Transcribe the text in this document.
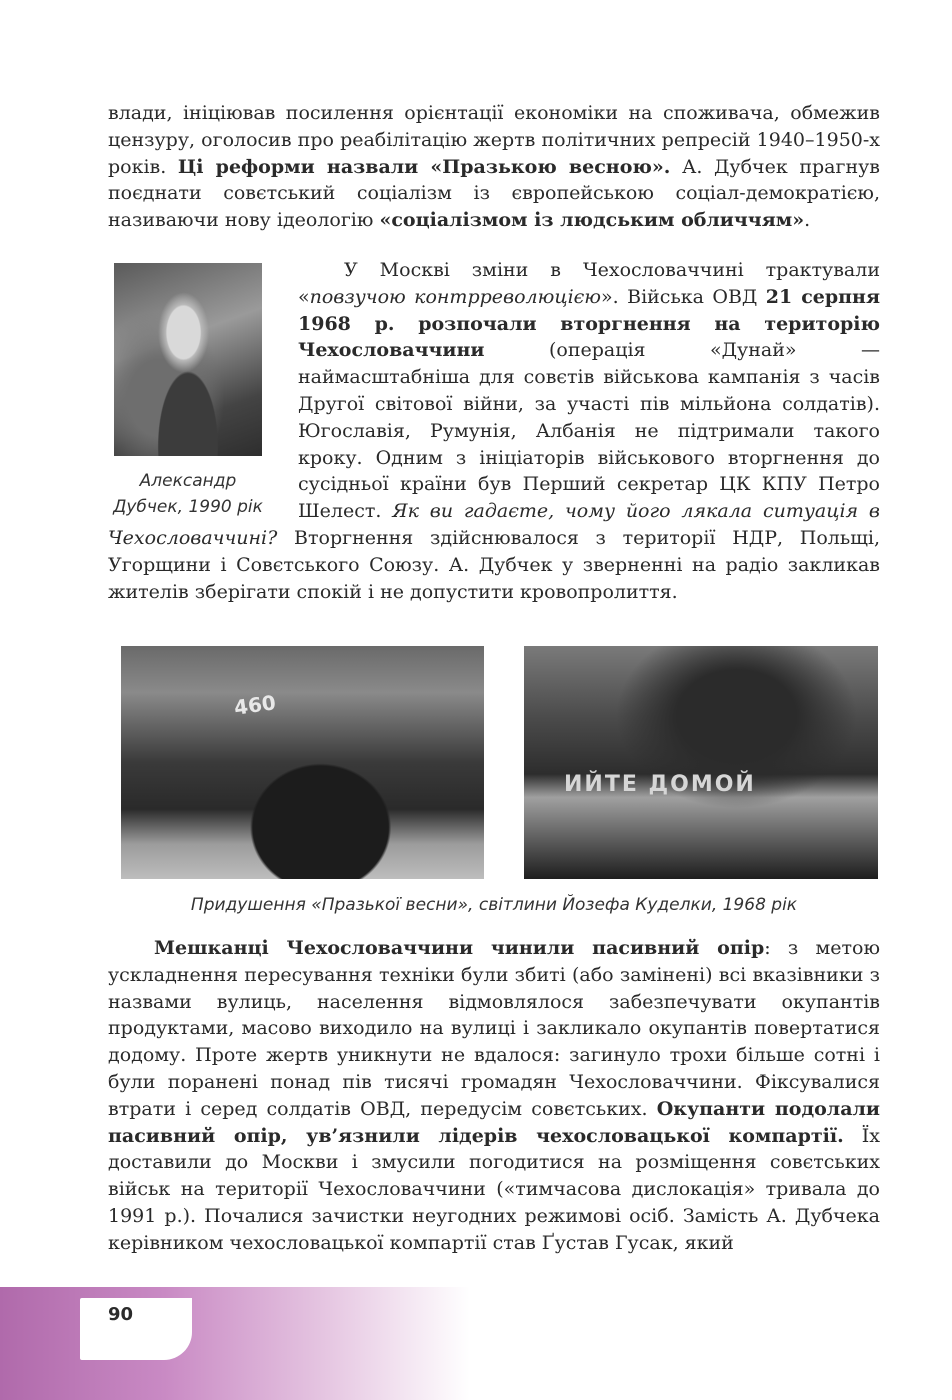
влади, ініціював посилення орієнтації економіки на споживача, обмежив цензуру, оголосив про реабілітацію жертв політичних репресій 1940–1950-х років. Ці реформи назвали «Празькою весною». А. Дубчек прагнув поєднати совєтський соціалізм із європейською соціал-демократією, називаючи нову ідеологію «соціалізмом із людським обличчям».

Александр
Дубчек, 1990 рік

У Москві зміни в Чехословаччині трактували «повзучою контрреволюцією». Війська ОВД 21 серпня 1968 р. розпочали вторгнення на територію Чехословаччини (операція «Дунай» — наймасштабніша для совєтів військова кампанія з часів Другої світової війни, за участі пів мільйона солдатів). Югославія, Румунія, Албанія не підтримали такого кроку. Одним з ініціаторів військового вторгнення до сусідньої країни був Перший секретар ЦК КПУ Петро Шелест. Як ви гадаєте, чому його лякала ситуація в Чехословаччині? Вторгнення здійснювалося з території НДР, Польщі, Угорщини і Совєтського Союзу. А. Дубчек у зверненні на радіо закликав жителів зберігати спокій і не допустити кровопролиття.

460
ИЙТЕ ДОМОЙ
Придушення «Празької весни», світлини Йозефа Куделки, 1968 рік

Мешканці Чехословаччини чинили пасивний опір: з метою ускладнення пересування техніки були збиті (або замінені) всі вказівники з назвами вулиць, населення відмовлялося забезпечувати окупантів продуктами, масово виходило на вулиці і закликало окупантів повертатися додому. Проте жертв уникнути не вдалося: загинуло трохи більше сотні і були поранені понад пів тисячі громадян Чехословаччини. Фіксувалися втрати і серед солдатів ОВД, передусім совєтських. Окупанти подолали пасивний опір, ув’язнили лідерів чехословацької компартії. Їх доставили до Москви і змусили погодитися на розміщення совєтських військ на території Чехословаччини («тимчасова дислокація» тривала до 1991 р.). Почалися зачистки неугодних режимові осіб. Замість А. Дубчека керівником чехословацької компартії став Ґустав Гусак, який

90
